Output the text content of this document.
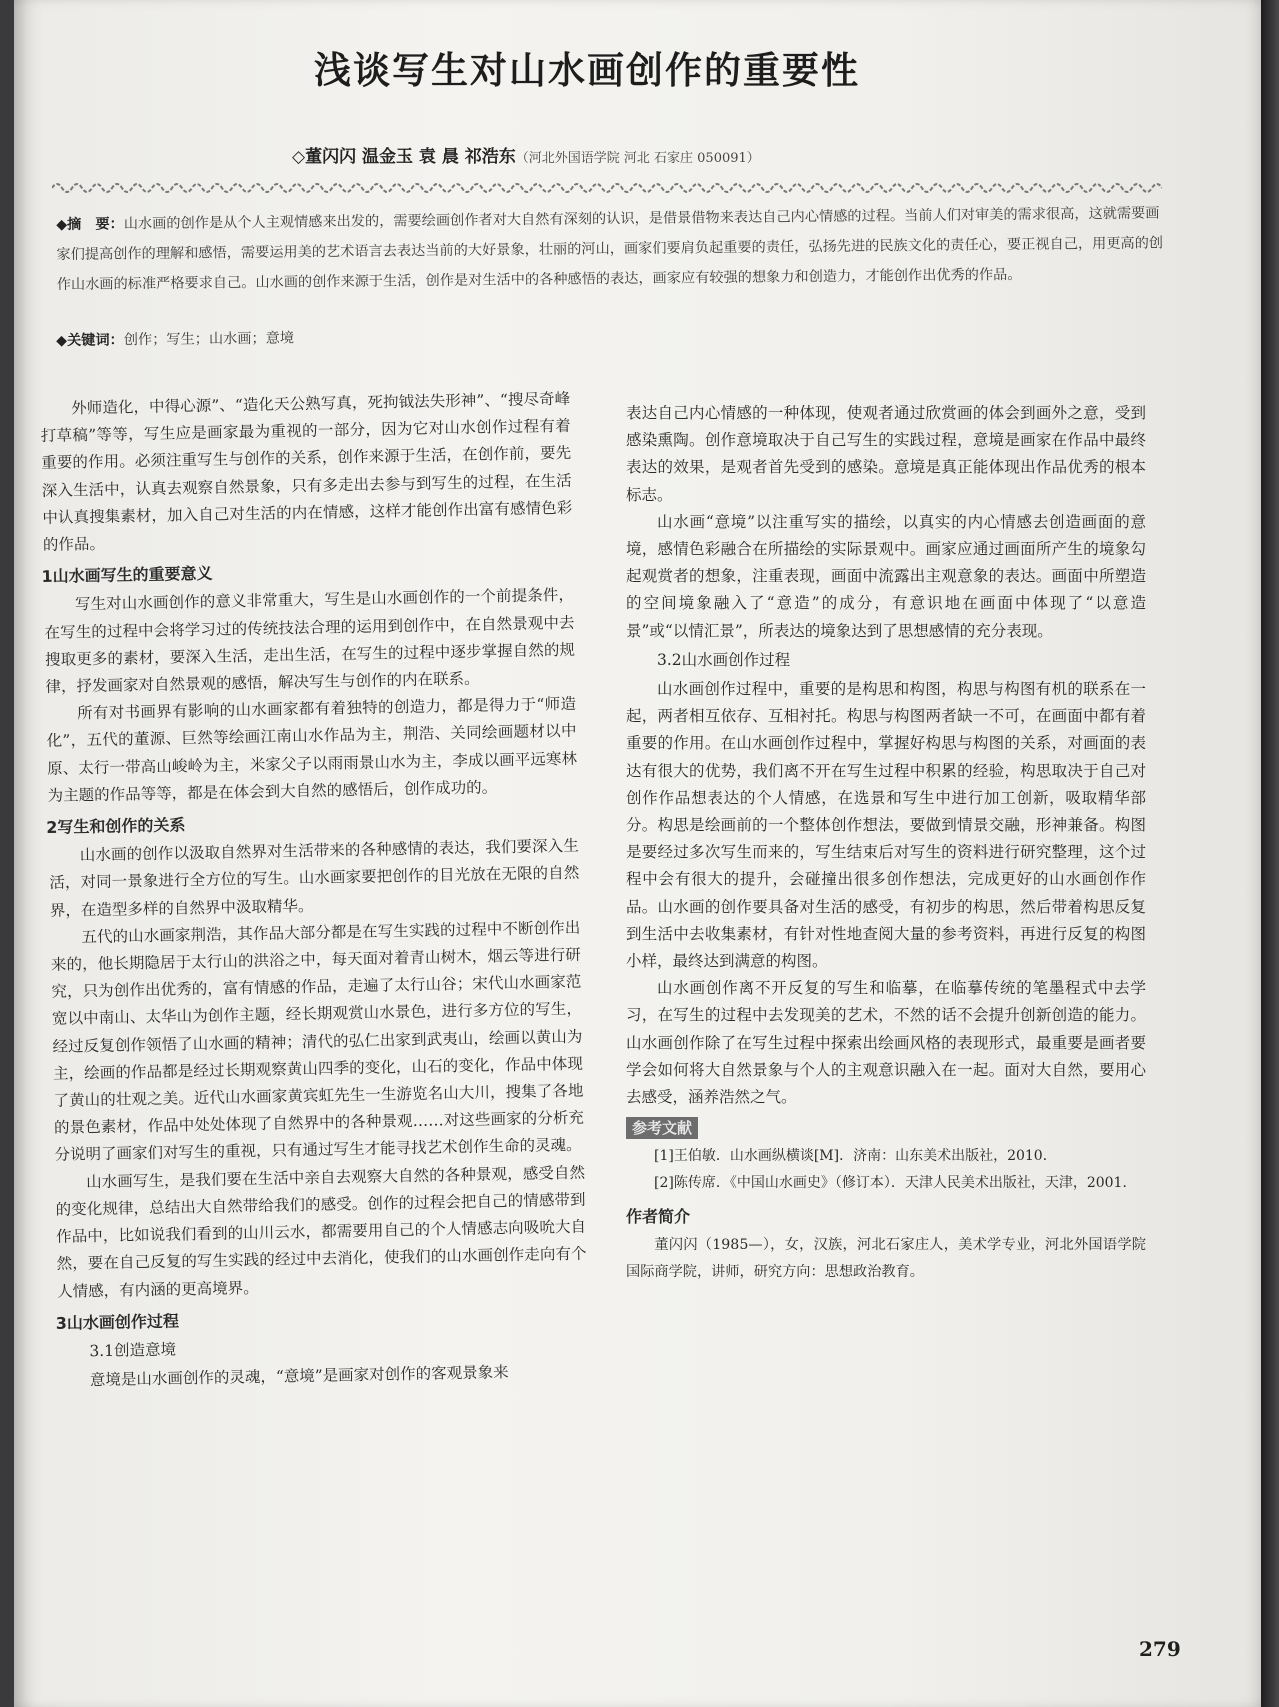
浅谈写生对山水画创作的重要性
◇董闪闪 温金玉 袁 晨 祁浩东（河北外国语学院 河北 石家庄 050091）
◆摘　要：山水画的创作是从个人主观情感来出发的，需要绘画创作者对大自然有深刻的认识，是借景借物来表达自己内心情感的过程。当前人们对审美的需求很高，这就需要画家们提高创作的理解和感悟，需要运用美的艺术语言去表达当前的大好景象，壮丽的河山，画家们要肩负起重要的责任，弘扬先进的民族文化的责任心，要正视自己，用更高的创作山水画的标准严格要求自己。山水画的创作来源于生活，创作是对生活中的各种感悟的表达，画家应有较强的想象力和创造力，才能创作出优秀的作品。
◆关键词：创作；写生；山水画；意境

外师造化，中得心源”、“造化天公熟写真，死拘钺法失形神”、“搜尽奇峰打草稿”等等，写生应是画家最为重视的一部分，因为它对山水创作过程有着重要的作用。必须注重写生与创作的关系，创作来源于生活，在创作前，要先深入生活中，认真去观察自然景象，只有多走出去参与到写生的过程，在生活中认真搜集素材，加入自己对生活的内在情感，这样才能创作出富有感情色彩的作品。

1山水画写生的重要意义

写生对山水画创作的意义非常重大，写生是山水画创作的一个前提条件，在写生的过程中会将学习过的传统技法合理的运用到创作中，在自然景观中去搜取更多的素材，要深入生活，走出生活，在写生的过程中逐步掌握自然的规律，抒发画家对自然景观的感悟，解决写生与创作的内在联系。

所有对书画界有影响的山水画家都有着独特的创造力，都是得力于“师造化”，五代的董源、巨然等绘画江南山水作品为主，荆浩、关同绘画题材以中原、太行一带高山峻岭为主，米家父子以雨雨景山水为主，李成以画平远寒林为主题的作品等等，都是在体会到大自然的感悟后，创作成功的。

2写生和创作的关系

山水画的创作以汲取自然界对生活带来的各种感情的表达，我们要深入生活，对同一景象进行全方位的写生。山水画家要把创作的目光放在无限的自然界，在造型多样的自然界中汲取精华。

五代的山水画家荆浩，其作品大部分都是在写生实践的过程中不断创作出来的，他长期隐居于太行山的洪浴之中，每天面对着青山树木，烟云等进行研究，只为创作出优秀的，富有情感的作品，走遍了太行山谷；宋代山水画家范宽以中南山、太华山为创作主题，经长期观赏山水景色，进行多方位的写生，经过反复创作领悟了山水画的精神；清代的弘仁出家到武夷山，绘画以黄山为主，绘画的作品都是经过长期观察黄山四季的变化，山石的变化，作品中体现了黄山的壮观之美。近代山水画家黄宾虹先生一生游览名山大川，搜集了各地的景色素材，作品中处处体现了自然界中的各种景观……对这些画家的分析充分说明了画家们对写生的重视，只有通过写生才能寻找艺术创作生命的灵魂。

山水画写生，是我们要在生活中亲自去观察大自然的各种景观，感受自然的变化规律，总结出大自然带给我们的感受。创作的过程会把自己的情感带到作品中，比如说我们看到的山川云水，都需要用自己的个人情感志向吸吮大自然，要在自己反复的写生实践的经过中去消化，使我们的山水画创作走向有个人情感，有内涵的更高境界。

3山水画创作过程
3.1创造意境

意境是山水画创作的灵魂，“意境”是画家对创作的客观景象来

表达自己内心情感的一种体现，使观者通过欣赏画的体会到画外之意，受到感染熏陶。创作意境取决于自己写生的实践过程，意境是画家在作品中最终表达的效果，是观者首先受到的感染。意境是真正能体现出作品优秀的根本标志。

山水画“意境”以注重写实的描绘，以真实的内心情感去创造画面的意境，感情色彩融合在所描绘的实际景观中。画家应通过画面所产生的境象勾起观赏者的想象，注重表现，画面中流露出主观意象的表达。画面中所塑造的空间境象融入了“意造”的成分，有意识地在画面中体现了“以意造景”或“以情汇景”，所表达的境象达到了思想感情的充分表现。

3.2山水画创作过程

山水画创作过程中，重要的是构思和构图，构思与构图有机的联系在一起，两者相互依存、互相衬托。构思与构图两者缺一不可，在画面中都有着重要的作用。在山水画创作过程中，掌握好构思与构图的关系，对画面的表达有很大的优势，我们离不开在写生过程中积累的经验，构思取决于自己对创作作品想表达的个人情感，在选景和写生中进行加工创新，吸取精华部分。构思是绘画前的一个整体创作想法，要做到情景交融，形神兼备。构图是要经过多次写生而来的，写生结束后对写生的资料进行研究整理，这个过程中会有很大的提升，会碰撞出很多创作想法，完成更好的山水画创作作品。山水画的创作要具备对生活的感受，有初步的构思，然后带着构思反复到生活中去收集素材，有针对性地查阅大量的参考资料，再进行反复的构图小样，最终达到满意的构图。

山水画创作离不开反复的写生和临摹，在临摹传统的笔墨程式中去学习，在写生的过程中去发现美的艺术，不然的话不会提升创新创造的能力。山水画创作除了在写生过程中探索出绘画风格的表现形式，最重要是画者要学会如何将大自然景象与个人的主观意识融入在一起。面对大自然，要用心去感受，涵养浩然之气。

参考文献

[1]王伯敏．山水画纵横谈[M]．济南：山东美术出版社，2010．

[2]陈传席．《中国山水画史》（修订本）．天津人民美术出版社，天津，2001．

作者简介

董闪闪（1985—），女，汉族，河北石家庄人，美术学专业，河北外国语学院国际商学院，讲师，研究方向：思想政治教育。

279
